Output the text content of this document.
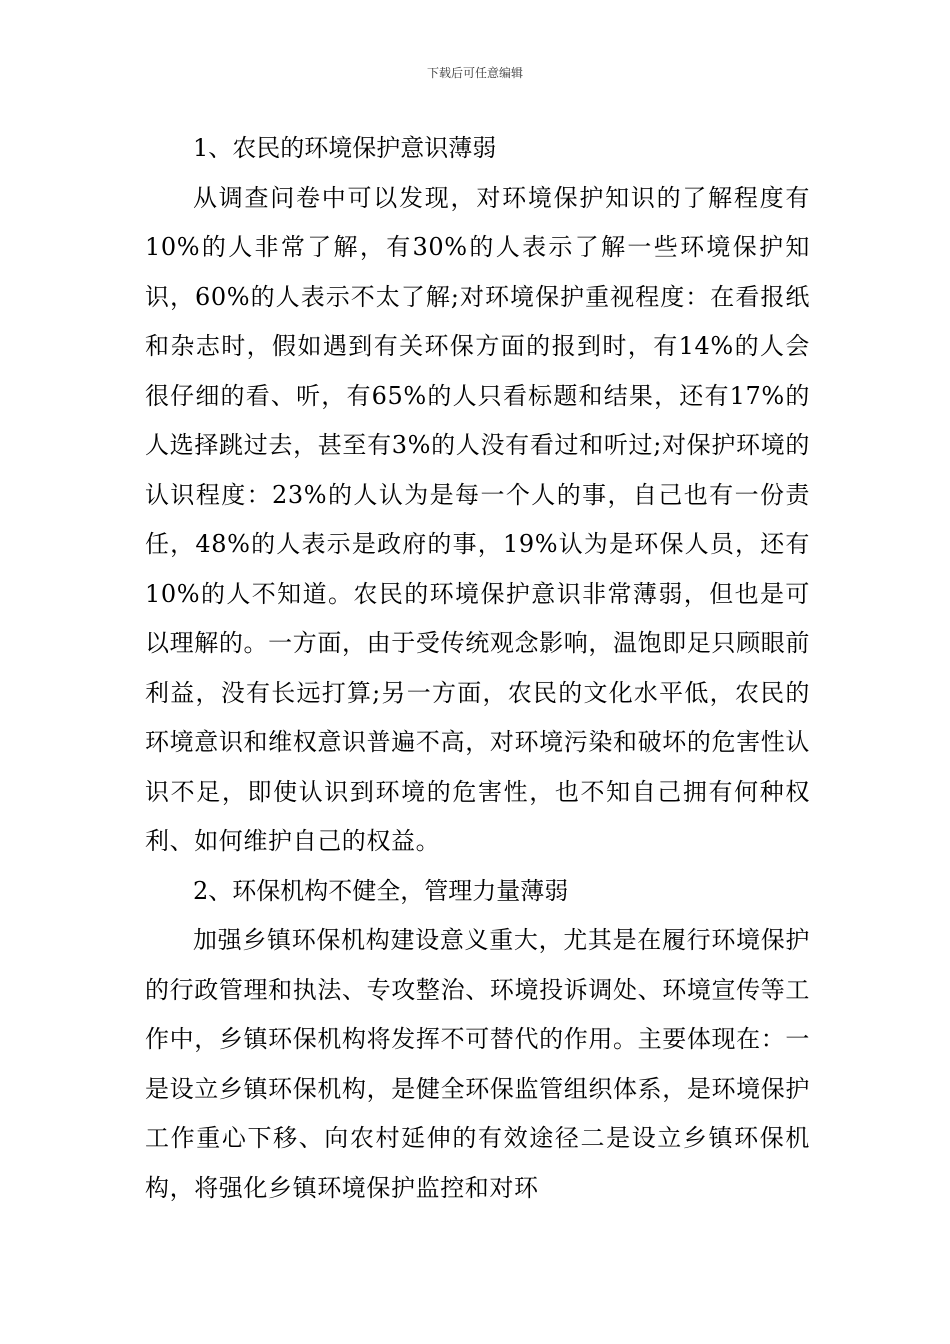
下载后可任意编辑

1、农民的环境保护意识薄弱

从调查问卷中可以发现，对环境保护知识的了解程度有10%的人非常了解，有30%的人表示了解一些环境保护知识，60%的人表示不太了解;对环境保护重视程度：在看报纸和杂志时，假如遇到有关环保方面的报到时，有14%的人会很仔细的看、听，有65%的人只看标题和结果，还有17%的人选择跳过去，甚至有3%的人没有看过和听过;对保护环境的认识程度：23%的人认为是每一个人的事，自己也有一份责任，48%的人表示是政府的事，19%认为是环保人员，还有10%的人不知道。农民的环境保护意识非常薄弱，但也是可以理解的。一方面，由于受传统观念影响，温饱即足只顾眼前利益，没有长远打算;另一方面，农民的文化水平低，农民的环境意识和维权意识普遍不高，对环境污染和破坏的危害性认识不足，即使认识到环境的危害性，也不知自己拥有何种权利、如何维护自己的权益。

2、环保机构不健全，管理力量薄弱

加强乡镇环保机构建设意义重大，尤其是在履行环境保护的行政管理和执法、专攻整治、环境投诉调处、环境宣传等工作中，乡镇环保机构将发挥不可替代的作用。主要体现在：一是设立乡镇环保机构，是健全环保监管组织体系，是环境保护工作重心下移、向农村延伸的有效途径二是设立乡镇环保机构，将强化乡镇环境保护监控和对环
